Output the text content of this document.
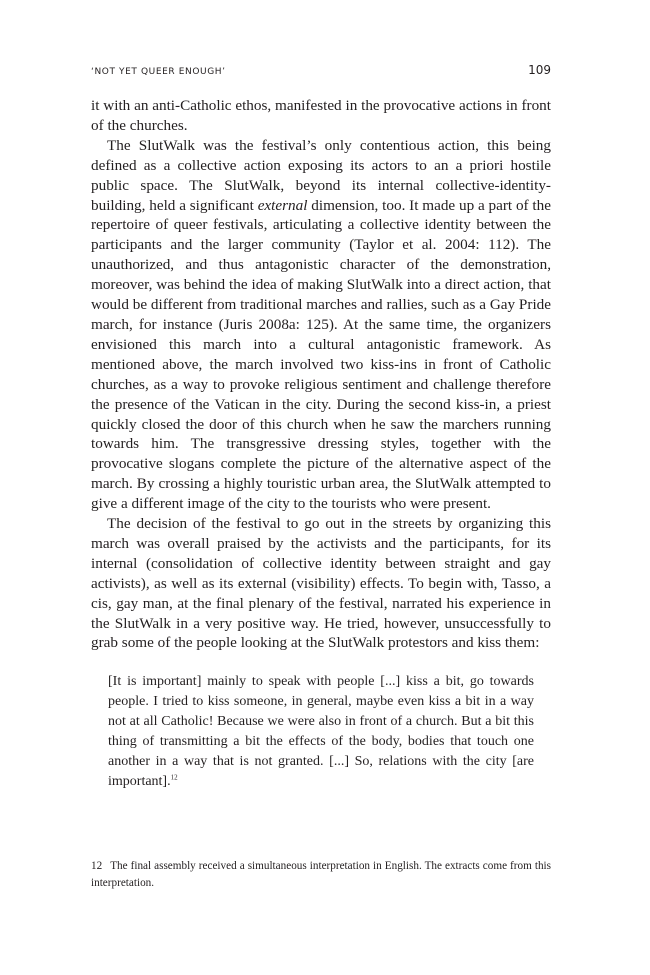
‘NOT YET QUEER ENOUGH’	109

it with an anti-Catholic ethos, manifested in the provocative actions in front of the churches.

The SlutWalk was the festival’s only contentious action, this being defined as a collective action exposing its actors to an a priori hostile public space. The SlutWalk, beyond its internal collective-identity-building, held a significant external dimension, too. It made up a part of the repertoire of queer festivals, articulating a collective identity between the participants and the larger community (Taylor et al. 2004: 112). The unauthorized, and thus antagonistic character of the demonstration, moreover, was behind the idea of making SlutWalk into a direct action, that would be different from traditional marches and rallies, such as a Gay Pride march, for instance (Juris 2008a: 125). At the same time, the organizers envisioned this march into a cultural antagonistic framework. As mentioned above, the march involved two kiss-ins in front of Catholic churches, as a way to provoke religious sentiment and challenge therefore the presence of the Vatican in the city. During the second kiss-in, a priest quickly closed the door of this church when he saw the marchers running towards him. The transgressive dressing styles, together with the provocative slogans complete the picture of the alternative aspect of the march. By crossing a highly touristic urban area, the SlutWalk attempted to give a different image of the city to the tourists who were present.

The decision of the festival to go out in the streets by organizing this march was overall praised by the activists and the participants, for its internal (consolidation of collective identity between straight and gay activists), as well as its external (visibility) effects. To begin with, Tasso, a cis, gay man, at the final plenary of the festival, narrated his experience in the SlutWalk in a very positive way. He tried, however, unsuccessfully to grab some of the people looking at the SlutWalk protestors and kiss them:

[It is important] mainly to speak with people [...] kiss a bit, go towards people. I tried to kiss someone, in general, maybe even kiss a bit in a way not at all Catholic! Because we were also in front of a church. But a bit this thing of transmitting a bit the effects of the body, bodies that touch one another in a way that is not granted. [...] So, relations with the city [are important].$^{12}$
12 The final assembly received a simultaneous interpretation in English. The extracts come from this interpretation.
